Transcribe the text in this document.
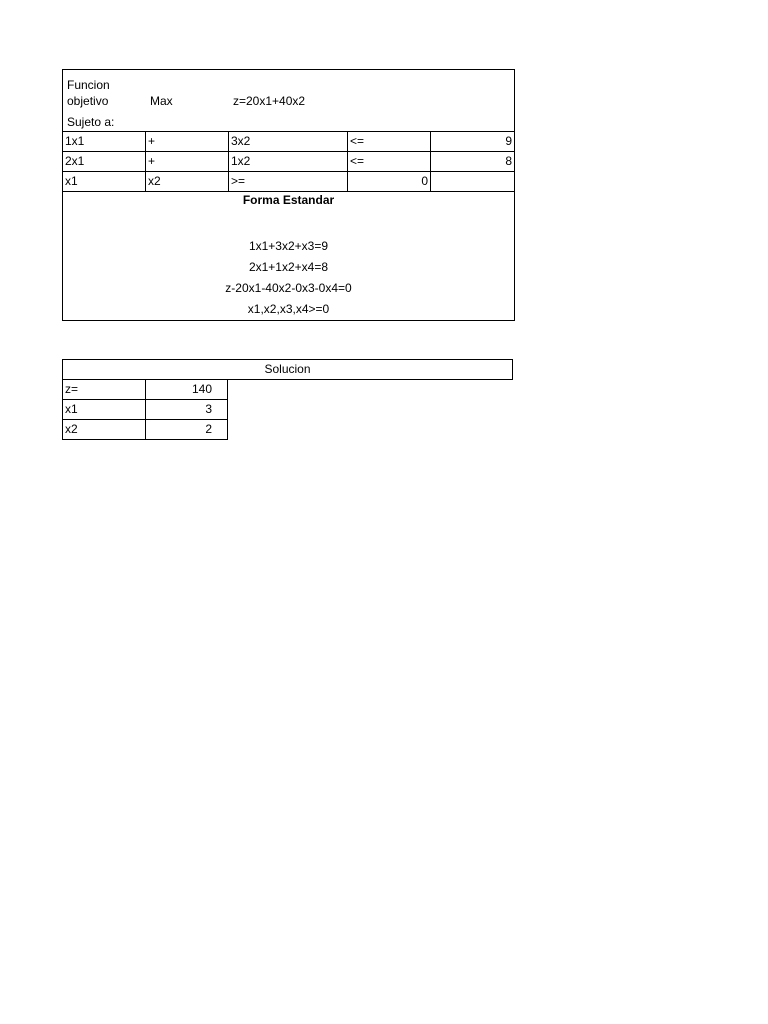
Funcion
objetivo Max z=20x1+40x2
Sujeto a:				

1x1	+	3x2	<=	9
2x1	+	1x2	<=	8
x1	x2	>=	0	

Forma Estandar
1x1+3x2+x3=9
2x1+1x2+x4=8
z-20x1-40x2-0x3-0x4=0
x1,x2,x3,x4>=0				
Solucion		
z=	140	
x1	3	
x2	2	
